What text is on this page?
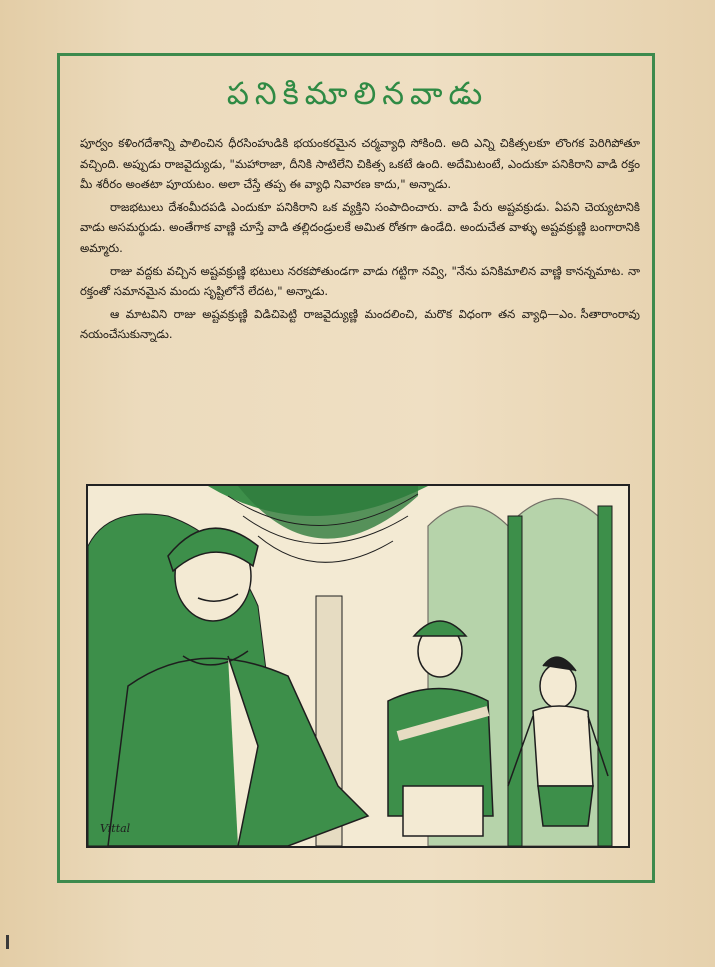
పనికిమాలినవాడు

పూర్వం కళింగదేశాన్ని పాలించిన ధీరసింహుడికి భయంకరమైన చర్మవ్యాధి సోకింది. అది ఎన్ని చికిత్సలకూ లొంగక పెరిగిపోతూ వచ్చింది. అప్పుడు రాజవైద్యుడు, "మహారాజా, దీనికి సాటిలేని చికిత్స ఒకటే ఉంది. అదేమిటంటే, ఎందుకూ పనికిరాని వాడి రక్తం మీ శరీరం అంతటా పూయటం. అలా చేస్తే తప్ప ఈ వ్యాధి నివారణ కాదు," అన్నాడు.

రాజభటులు దేశంమీదపడి ఎందుకూ పనికిరాని ఒక వ్యక్తిని సంపాదించారు. వాడి పేరు అష్టవక్రుడు. ఏపని చెయ్యటానికి వాడు అసమర్థుడు. అంతేగాక వాణ్ణి చూస్తే వాడి తల్లిదండ్రులకే అమిత రోతగా ఉండేది. అందుచేత వాళ్ళు అష్టవక్రుణ్ణి బంగారానికి అమ్మారు.

రాజు వద్దకు వచ్చిన అష్టవక్రుణ్ణి భటులు నరకపోతుండగా వాడు గట్టిగా నవ్వి, "నేను పనికిమాలిన వాణ్ణి కానన్నమాట. నా రక్తంతో సమానమైన మందు సృష్టిలోనే లేదట," అన్నాడు.

ఆ మాటవిని రాజు అష్టవక్రుణ్ణి విడిచిపెట్టి రాజవైద్యుణ్ణి మందలించి, మరొక విధంగా తన వ్యాధి నయంచేసుకున్నాడు.

—ఎం. సీతారాంరావు
Vittal
